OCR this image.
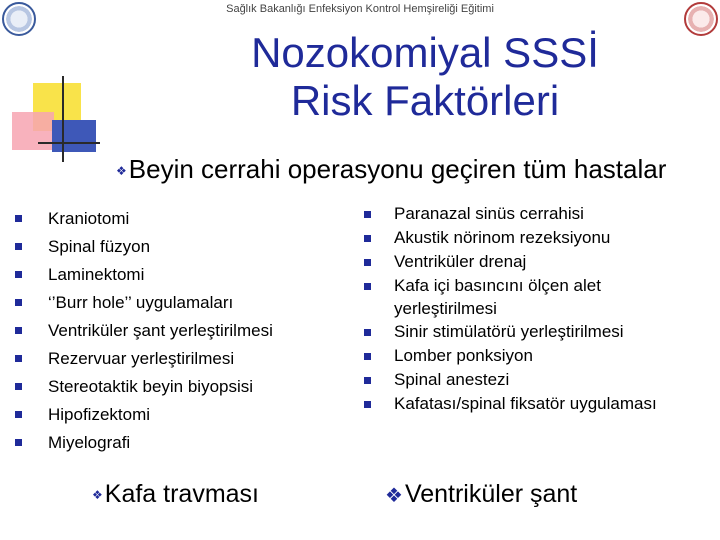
Sağlık Bakanlığı Enfeksiyon Kontrol Hemşireliği Eğitimi
Nozokomiyal SSSİ
Risk Faktörleri
❖Beyin cerrahi operasyonu geçiren tüm hastalar
Kraniotomi
Spinal füzyon
Laminektomi
‘’Burr hole’’ uygulamaları
Ventriküler şant yerleştirilmesi
Rezervuar yerleştirilmesi
Stereotaktik beyin biyopsisi
Hipofizektomi
Miyelografi
Paranazal sinüs cerrahisi
Akustik nörinom rezeksiyonu
Ventriküler drenaj
Kafa içi basıncını ölçen alet
yerleştirilmesi
Sinir stimülatörü yerleştirilmesi
Lomber ponksiyon
Spinal anestezi
Kafatası/spinal fiksatör uygulaması
❖Kafa travması	❖Ventriküler şant
